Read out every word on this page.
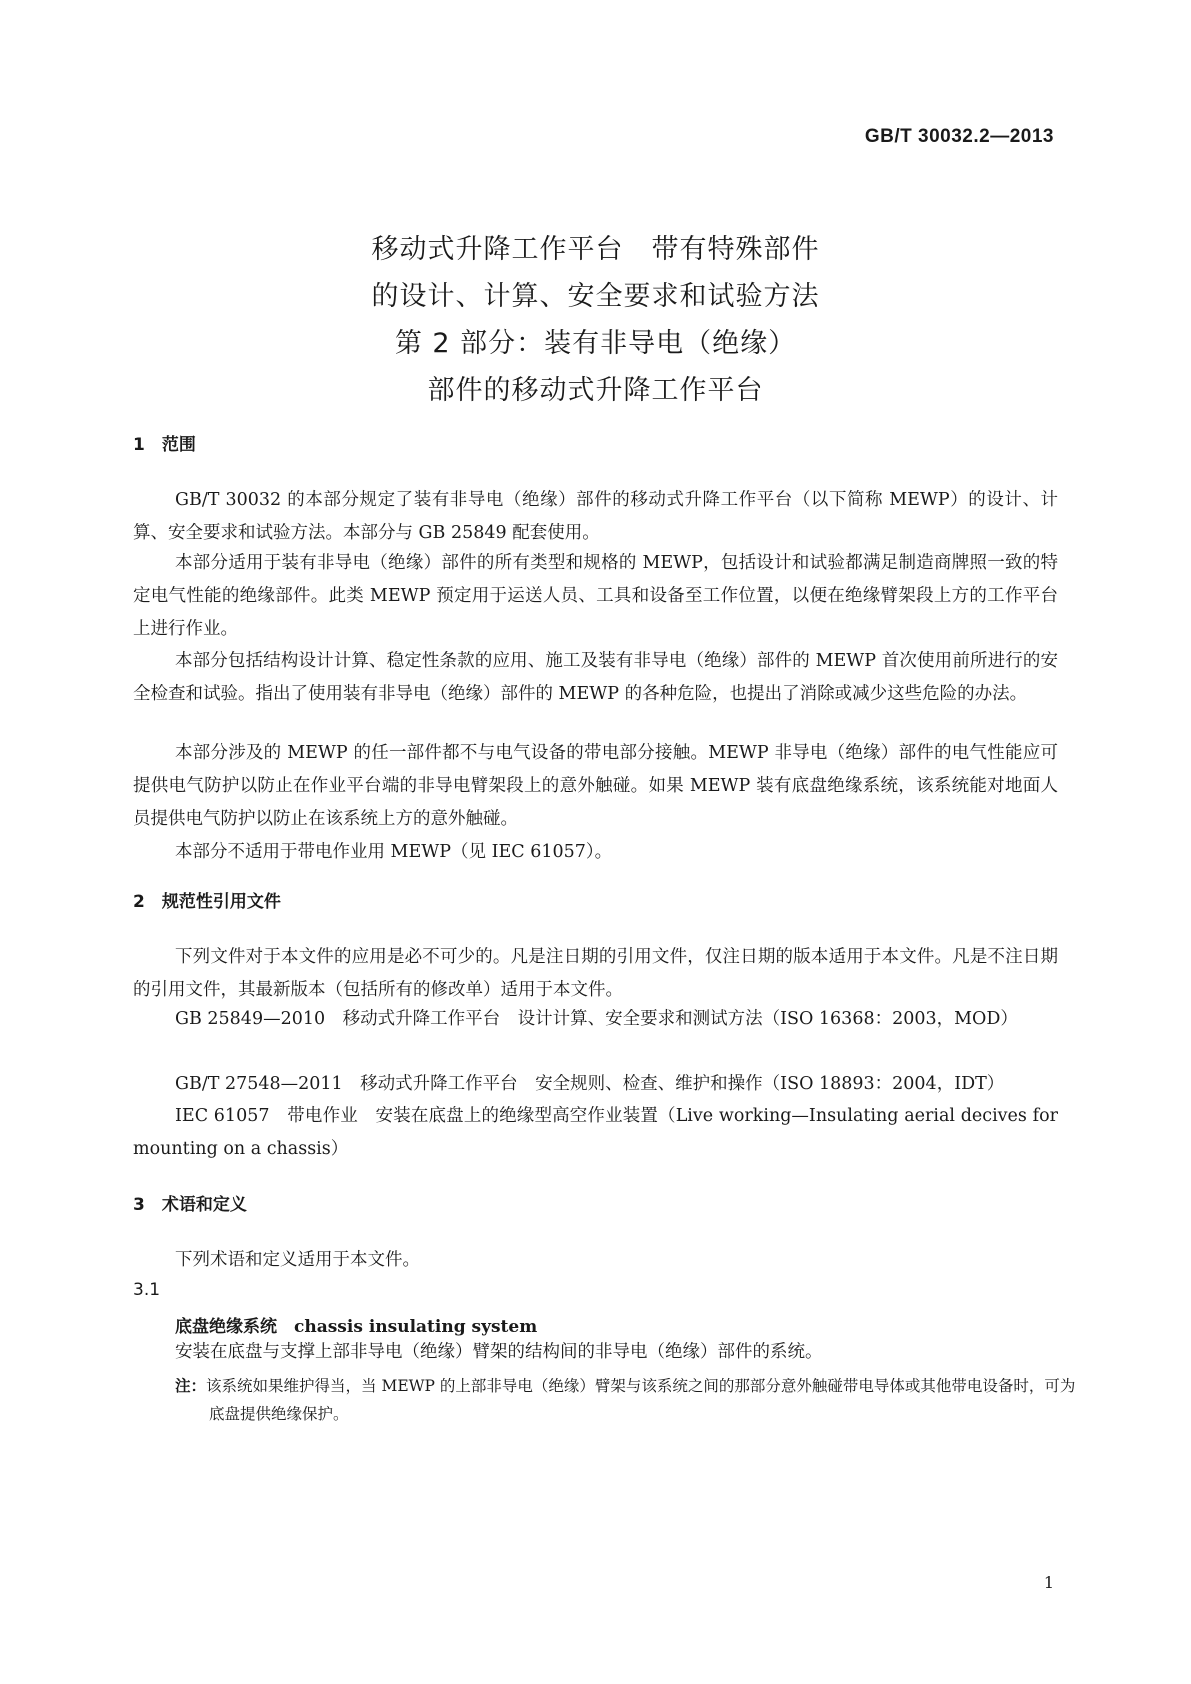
GB/T 30032.2—2013
移动式升降工作平台　带有特殊部件
的设计、计算、安全要求和试验方法
第 2 部分：装有非导电（绝缘）
部件的移动式升降工作平台
1　范围

GB/T 30032 的本部分规定了装有非导电（绝缘）部件的移动式升降工作平台（以下简称 MEWP）的设计、计算、安全要求和试验方法。本部分与 GB 25849 配套使用。

本部分适用于装有非导电（绝缘）部件的所有类型和规格的 MEWP，包括设计和试验都满足制造商牌照一致的特定电气性能的绝缘部件。此类 MEWP 预定用于运送人员、工具和设备至工作位置，以便在绝缘臂架段上方的工作平台上进行作业。

本部分包括结构设计计算、稳定性条款的应用、施工及装有非导电（绝缘）部件的 MEWP 首次使用前所进行的安全检查和试验。指出了使用装有非导电（绝缘）部件的 MEWP 的各种危险，也提出了消除或减少这些危险的办法。

本部分涉及的 MEWP 的任一部件都不与电气设备的带电部分接触。MEWP 非导电（绝缘）部件的电气性能应可提供电气防护以防止在作业平台端的非导电臂架段上的意外触碰。如果 MEWP 装有底盘绝缘系统，该系统能对地面人员提供电气防护以防止在该系统上方的意外触碰。

本部分不适用于带电作业用 MEWP（见 IEC 61057）。

2　规范性引用文件

下列文件对于本文件的应用是必不可少的。凡是注日期的引用文件，仅注日期的版本适用于本文件。凡是不注日期的引用文件，其最新版本（包括所有的修改单）适用于本文件。

GB 25849—2010　移动式升降工作平台　设计计算、安全要求和测试方法（ISO 16368：2003，MOD）

GB/T 27548—2011　移动式升降工作平台　安全规则、检查、维护和操作（ISO 18893：2004，IDT）

IEC 61057　带电作业　安装在底盘上的绝缘型高空作业装置（Live working—Insulating aerial decives for mounting on a chassis）

3　术语和定义

下列术语和定义适用于本文件。

3.1
底盘绝缘系统　 chassis insulating system

安装在底盘与支撑上部非导电（绝缘）臂架的结构间的非导电（绝缘）部件的系统。

注：该系统如果维护得当，当 MEWP 的上部非导电（绝缘）臂架与该系统之间的那部分意外触碰带电导体或其他带电设备时，可为底盘提供绝缘保护。

1
